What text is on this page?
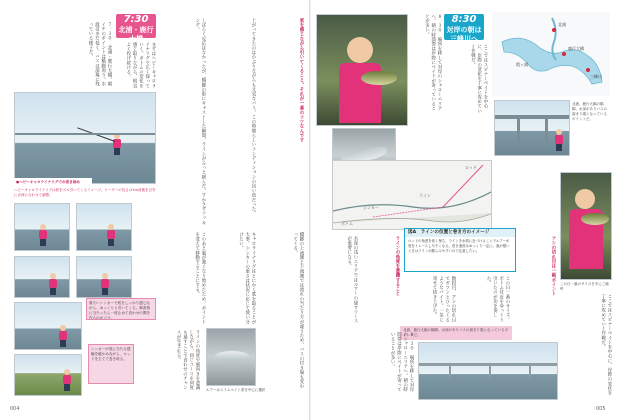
7:30
北浦・鹿行大橋
７：３０　北浦・鹿行大橋。朝イチのポイントは橋脚周り。水温はまだ低く、バスは深場に残っている様子だ。
まずはヘビーキャロライナリグで広く探っていく。ボトムの変化を感じ取りながら、根気よく投げ続ける。
●ヘビーキャロライナリグでの巻き始め
ヘビーキャロライナリグは底をズル引いてくるイメージ。リーダーの長さは1ｍ前後を目安に水深に合わせて調整。
重たいシンカーで底をしっかり感じながら、ゆっくりと引いてくる。障害物に当たったら一度止めて食わせの間を作るのがコツ。
シンカーが底に当たる感触を確かめながら、ロッドを立てて巻き取る。
しばらく反応はなかったが、橋脚の影にキャストした瞬間、ラインがふっと緩んだ。すかさずフッキング。	上がってきたのは小ぶりながらも元気なバス。この時期らしいコンディションの良い魚だった。	底を感じながら引いてくること。それが一番のコツなんです
このあと風が強くなり始めたため、ポイントを変えて移動することにする。	キャロライナリグはとにかく底を取ることが大事。シンカーの重さは状況に応じて使い分けたい。	橋脚の上流側と下流側では流れの当たり方が違うため、バスの付き場も変わってくる。
ラインの角度や風向きを意識しながら、同じコースを何度も通すことで食わせのチャンスが生まれる。
ルアーはスイムベイト系を中心に選択
004
8:30
対岸の朝は三峰川へ
８：３０　場所を移して対岸のシャローエリアへ。朝の時間帯は岸際にベイトが寄っていることが多い。
ここではスピナーベイトを中心に、岸際の変化を丁寧に攻めていく作戦だ。
北浦
霞ヶ浦
鹿行大橋
三峰川
北浦、鹿行大橋の橋脚。水深がありバスの溜まり場となっているポイントだ。
ロッド
ライン
シンカー
ボトム
図A　ラインの位置と巻き方のイメージ
ロッドの角度を低く保ち、ラインを水面に近づけることでルアーが底をトレースしやすくなる。巻き速度はゆっくり一定に。風が強いときはラインが膨らみやすいので注意したい。
この日一番のサイズを手にご満悦
水深の浅いエリアではルアーの通すコースが重要になる。	ラインの角度を意識すること
数投目、アシの切れ目でガツンとひったくるようなバイト。一気に寄せて抜き上げた。	この日一番のサイズ。ボトム付近をゆっくり引いたのが功を奏した。	アシの切れ目は一級ポイント
ここではスピナーベイトを中心に、岸際の変化を丁寧に攻めていく作戦だ。
北浦、鹿行大橋の橋脚。水深がありバスの溜まり場となっているポイントだ。
８：３０　場所を移して対岸のシャローエリアへ。朝の時間帯は岸際にベイトが寄っていることが多い。
005
